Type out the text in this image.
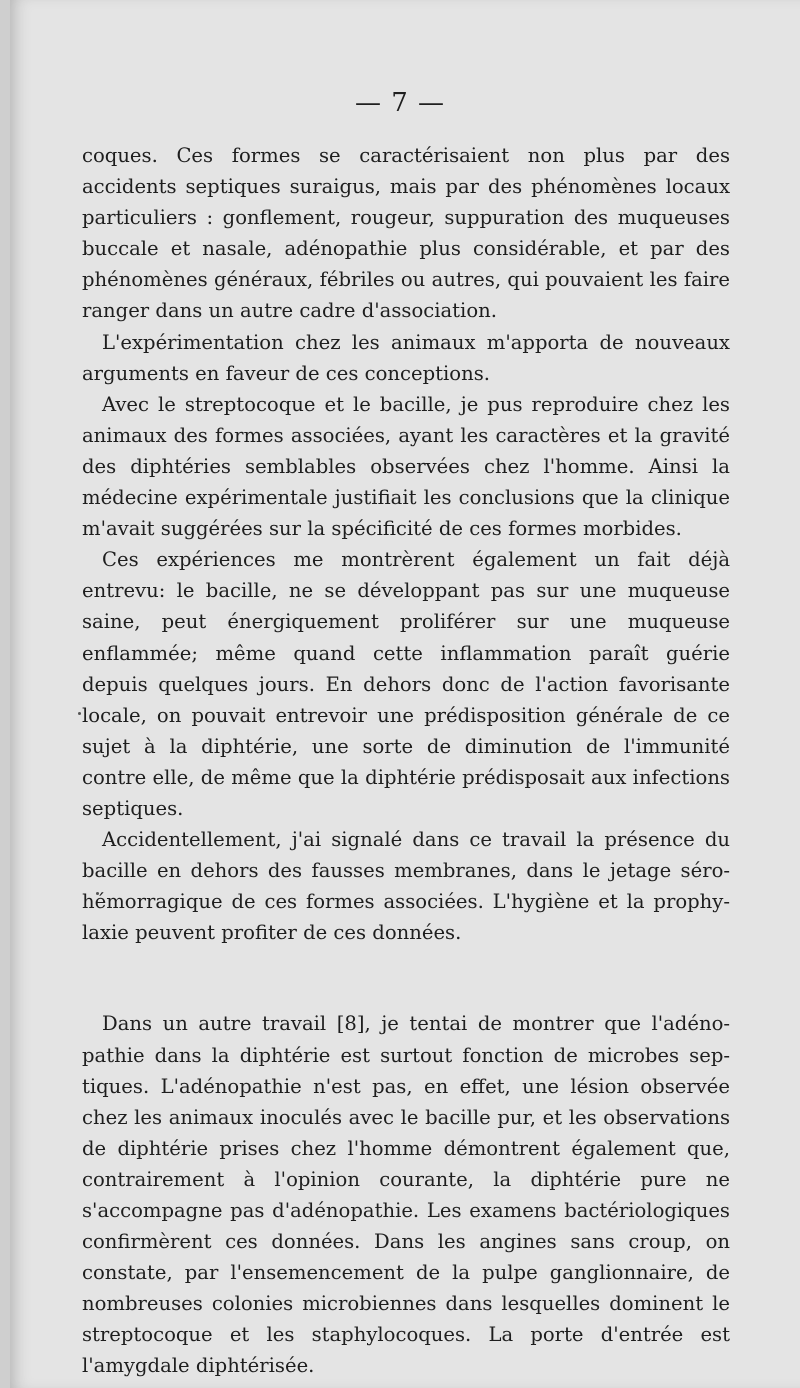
— 7 —

coques. Ces formes se caractérisaient non plus par des accidents septiques suraigus, mais par des phénomènes locaux particuliers : gonflement, rougeur, suppuration des muqueuses buccale et nasale, adénopathie plus considérable, et par des phénomènes généraux, fébriles ou autres, qui pouvaient les faire ranger dans un autre cadre d'association.

L'expérimentation chez les animaux m'apporta de nouveaux arguments en faveur de ces conceptions.

Avec le streptocoque et le bacille, je pus reproduire chez les animaux des formes associées, ayant les caractères et la gravité des diphtéries semblables observées chez l'homme. Ainsi la médecine expérimentale justifiait les conclusions que la clinique m'avait suggérées sur la spécificité de ces formes morbides.

Ces expériences me montrèrent également un fait déjà entrevu: le bacille, ne se développant pas sur une muqueuse saine, peut énergiquement proliférer sur une muqueuse enflammée; même quand cette inflammation paraît guérie depuis quelques jours. En dehors donc de l'action favorisante locale, on pouvait entrevoir une prédisposition générale de ce sujet à la diphtérie, une sorte de diminution de l'immunité contre elle, de même que la diphtérie prédisposait aux infections septiques.

Accidentellement, j'ai signalé dans ce travail la présence du bacille en dehors des fausses membranes, dans le jetage sérohémorragique de ces formes associées. L'hygiène et la prophylaxie peuvent profiter de ces données.

Dans un autre travail [8], je tentai de montrer que l'adénopathie dans la diphtérie est surtout fonction de microbes septiques. L'adénopathie n'est pas, en effet, une lésion observée chez les animaux inoculés avec le bacille pur, et les observations de diphtérie prises chez l'homme démontrent également que, contrairement à l'opinion courante, la diphtérie pure ne s'accompagne pas d'adénopathie. Les examens bactériologiques confirmèrent ces données. Dans les angines sans croup, on constate, par l'ensemencement de la pulpe ganglionnaire, de nombreuses colonies microbiennes dans lesquelles dominent le streptocoque et les staphylocoques. La porte d'entrée est l'amygdale diphtérisée.
